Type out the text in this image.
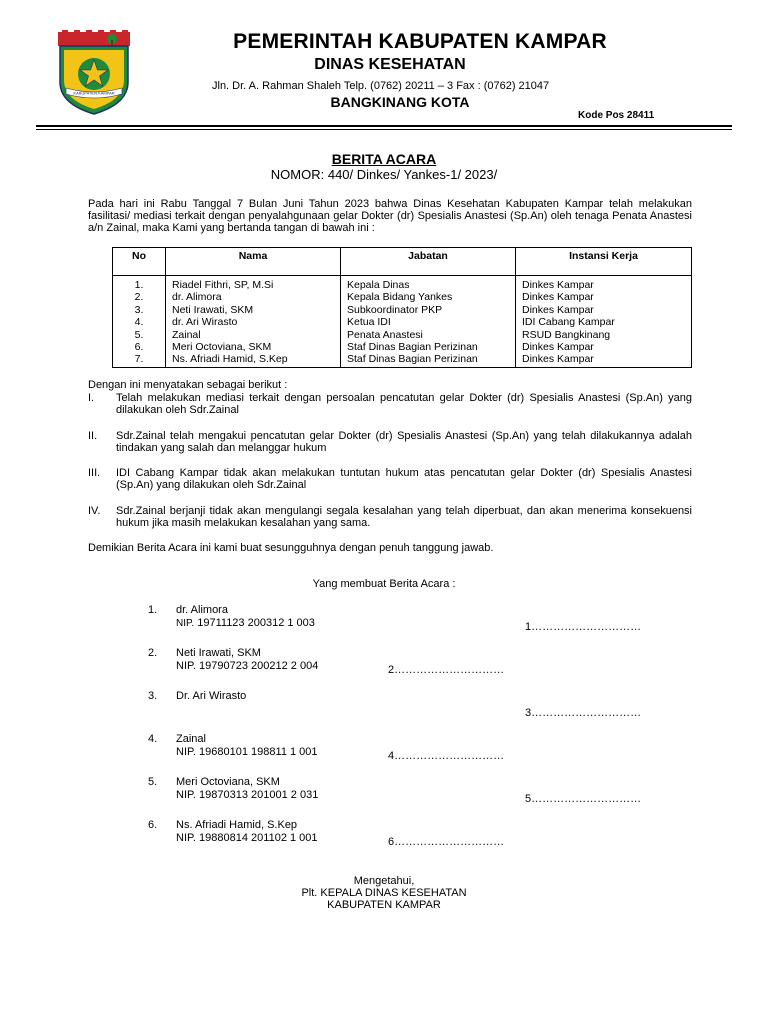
KABUPATEN KAMPAR
PEMERINTAH KABUPATEN KAMPAR
DINAS KESEHATAN
Jln. Dr. A. Rahman Shaleh Telp. (0762) 20211 – 3 Fax : (0762) 21047
BANGKINANG KOTA
Kode Pos 28411
BERITA ACARA
NOMOR: 440/ Dinkes/ Yankes-1/ 2023/
Pada hari ini Rabu Tanggal 7 Bulan Juni Tahun 2023 bahwa Dinas Kesehatan Kabupaten Kampar telah melakukan fasilitasi/ mediasi terkait dengan penyalahgunaan gelar Dokter (dr) Spesialis Anastesi (Sp.An) oleh tenaga Penata Anastesi a/n Zainal, maka Kami yang bertanda tangan di bawah ini :
No	Nama	Jabatan	Instansi Kerja
1.	Riadel Fithri, SP, M.Si	Kepala Dinas	Dinkes Kampar
2.	dr. Alimora	Kepala Bidang Yankes	Dinkes Kampar
3.	Neti Irawati, SKM	Subkoordinator PKP	Dinkes Kampar
4.	dr. Ari Wirasto	Ketua IDI	IDI Cabang Kampar
5.	Zainal	Penata Anastesi	RSUD Bangkinang
6.	Meri Octoviana, SKM	Staf Dinas Bagian Perizinan	Dinkes Kampar
7.	Ns. Afriadi Hamid, S.Kep	Staf Dinas Bagian Perizinan	Dinkes Kampar
Dengan ini menyatakan sebagai berikut :
I.	Telah melakukan mediasi terkait dengan persoalan pencatutan gelar Dokter (dr) Spesialis Anastesi (Sp.An) yang dilakukan oleh Sdr.Zainal
II.	Sdr.Zainal telah mengakui pencatutan gelar Dokter (dr) Spesialis Anastesi (Sp.An) yang telah dilakukannya adalah tindakan yang salah dan melanggar hukum
III.	IDI Cabang Kampar tidak akan melakukan tuntutan hukum atas pencatutan gelar Dokter (dr) Spesialis Anastesi (Sp.An) yang dilakukan oleh Sdr.Zainal
IV.	Sdr.Zainal berjanji tidak akan mengulangi segala kesalahan yang telah diperbuat, dan akan menerima konsekuensi hukum jika masih melakukan kesalahan yang sama.
Demikian Berita Acara ini kami buat sesungguhnya dengan penuh tanggung jawab.
Yang membuat Berita Acara :
1. dr. Alimora
NIP. 19711123 200312 1 003	1…………………………
2. Neti Irawati, SKM
NIP. 19790723 200212 2 004	2…………………………
3. Dr. Ari Wirasto
3…………………………
4. Zainal
NIP. 19680101 198811 1 001	4…………………………
5. Meri Octoviana, SKM
NIP. 19870313 201001 2 031	5…………………………
6. Ns. Afriadi Hamid, S.Kep
NIP. 19880814 201102 1 001	6…………………………
Mengetahui,
Plt. KEPALA DINAS KESEHATAN
KABUPATEN KAMPAR
